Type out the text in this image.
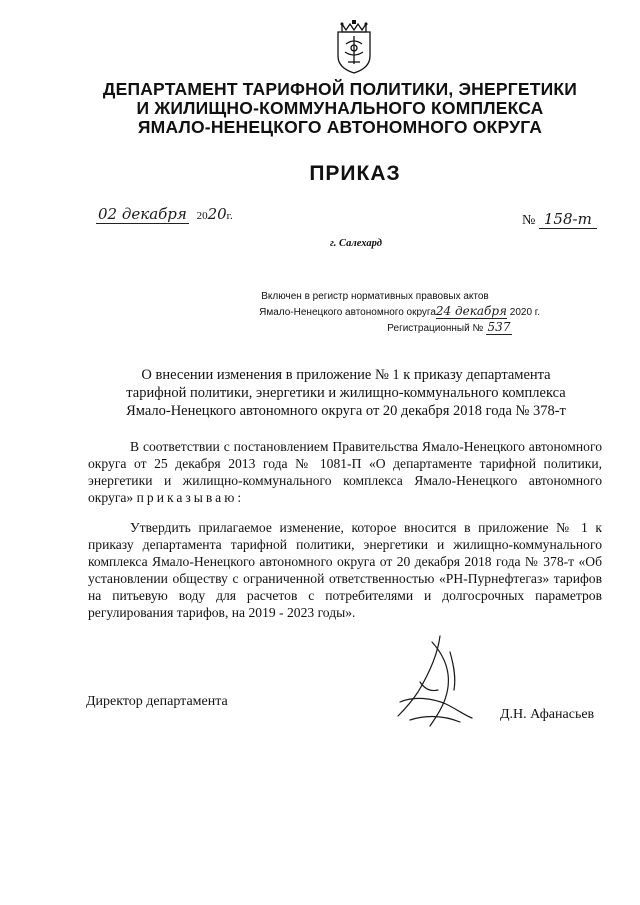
ДЕПАРТАМЕНТ ТАРИФНОЙ ПОЛИТИКИ, ЭНЕРГЕТИКИ
И ЖИЛИЩНО-КОММУНАЛЬНОГО КОМПЛЕКСА
ЯМАЛО-НЕНЕЦКОГО АВТОНОМНОГО ОКРУГА
ПРИКАЗ
02 декабря 2020г.	№ 158-т
г. Салехард
Включен в регистр нормативных правовых актов
Ямало-Ненецкого автономного округа24 декабря 2020 г.
Регистрационный № 537
О внесении изменения в приложение № 1 к приказу департамента
тарифной политики, энергетики и жилищно-коммунального комплекса
Ямало-Ненецкого автономного округа от 20 декабря 2018 года № 378-т
В соответствии с постановлением Правительства Ямало-Ненецкого автономного округа от 25 декабря 2013 года № 1081-П «О департаменте тарифной политики, энергетики и жилищно-коммунального комплекса Ямало-Ненецкого автономного округа» приказываю:
Утвердить прилагаемое изменение, которое вносится в приложение № 1 к приказу департамента тарифной политики, энергетики и жилищно-коммунального комплекса Ямало-Ненецкого автономного округа от 20 декабря 2018 года № 378-т «Об установлении обществу с ограниченной ответственностью «РН-Пурнефтегаз» тарифов на питьевую воду для расчетов с потребителями и долгосрочных параметров регулирования тарифов, на 2019 - 2023 годы».
Директор департамента
Д.Н. Афанасьев
